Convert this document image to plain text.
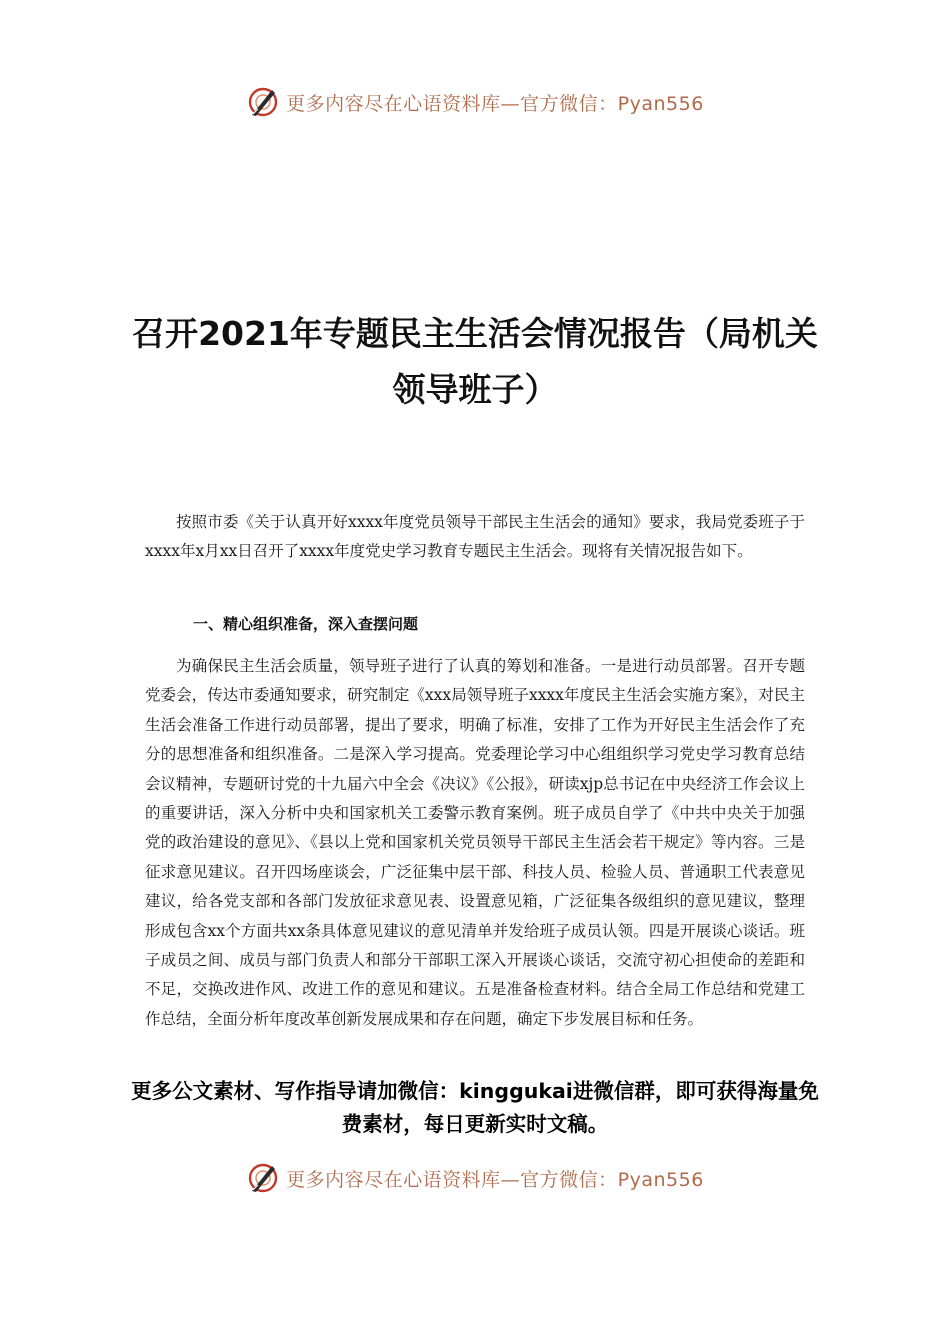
更多内容尽在心语资料库—官方微信：Pyan556
召开2021年专题民主生活会情况报告（局机关领导班子）

按照市委《关于认真开好xxxx年度党员领导干部民主生活会的通知》要求，我局党委班子于xxxx年x月xx日召开了xxxx年度党史学习教育专题民主生活会。现将有关情况报告如下。

一、精心组织准备，深入查摆问题

为确保民主生活会质量，领导班子进行了认真的筹划和准备。一是进行动员部署。召开专题党委会，传达市委通知要求，研究制定《xxx局领导班子xxxx年度民主生活会实施方案》，对民主生活会准备工作进行动员部署，提出了要求，明确了标准，安排了工作为开好民主生活会作了充分的思想准备和组织准备。二是深入学习提高。党委理论学习中心组组织学习党史学习教育总结会议精神，专题研讨党的十九届六中全会《决议》《公报》，研读xjp总书记在中央经济工作会议上的重要讲话，深入分析中央和国家机关工委警示教育案例。班子成员自学了《中共中央关于加强党的政治建设的意见》、《县以上党和国家机关党员领导干部民主生活会若干规定》等内容。三是征求意见建议。召开四场座谈会，广泛征集中层干部、科技人员、检验人员、普通职工代表意见建议，给各党支部和各部门发放征求意见表、设置意见箱，广泛征集各级组织的意见建议，整理形成包含xx个方面共xx条具体意见建议的意见清单并发给班子成员认领。四是开展谈心谈话。班子成员之间、成员与部门负责人和部分干部职工深入开展谈心谈话，交流守初心担使命的差距和不足，交换改进作风、改进工作的意见和建议。五是准备检查材料。结合全局工作总结和党建工作总结，全面分析年度改革创新发展成果和存在问题，确定下步发展目标和任务。

更多公文素材、写作指导请加微信：kinggukai进微信群，即可获得海量免费素材，每日更新实时文稿。

更多内容尽在心语资料库—官方微信：Pyan556
